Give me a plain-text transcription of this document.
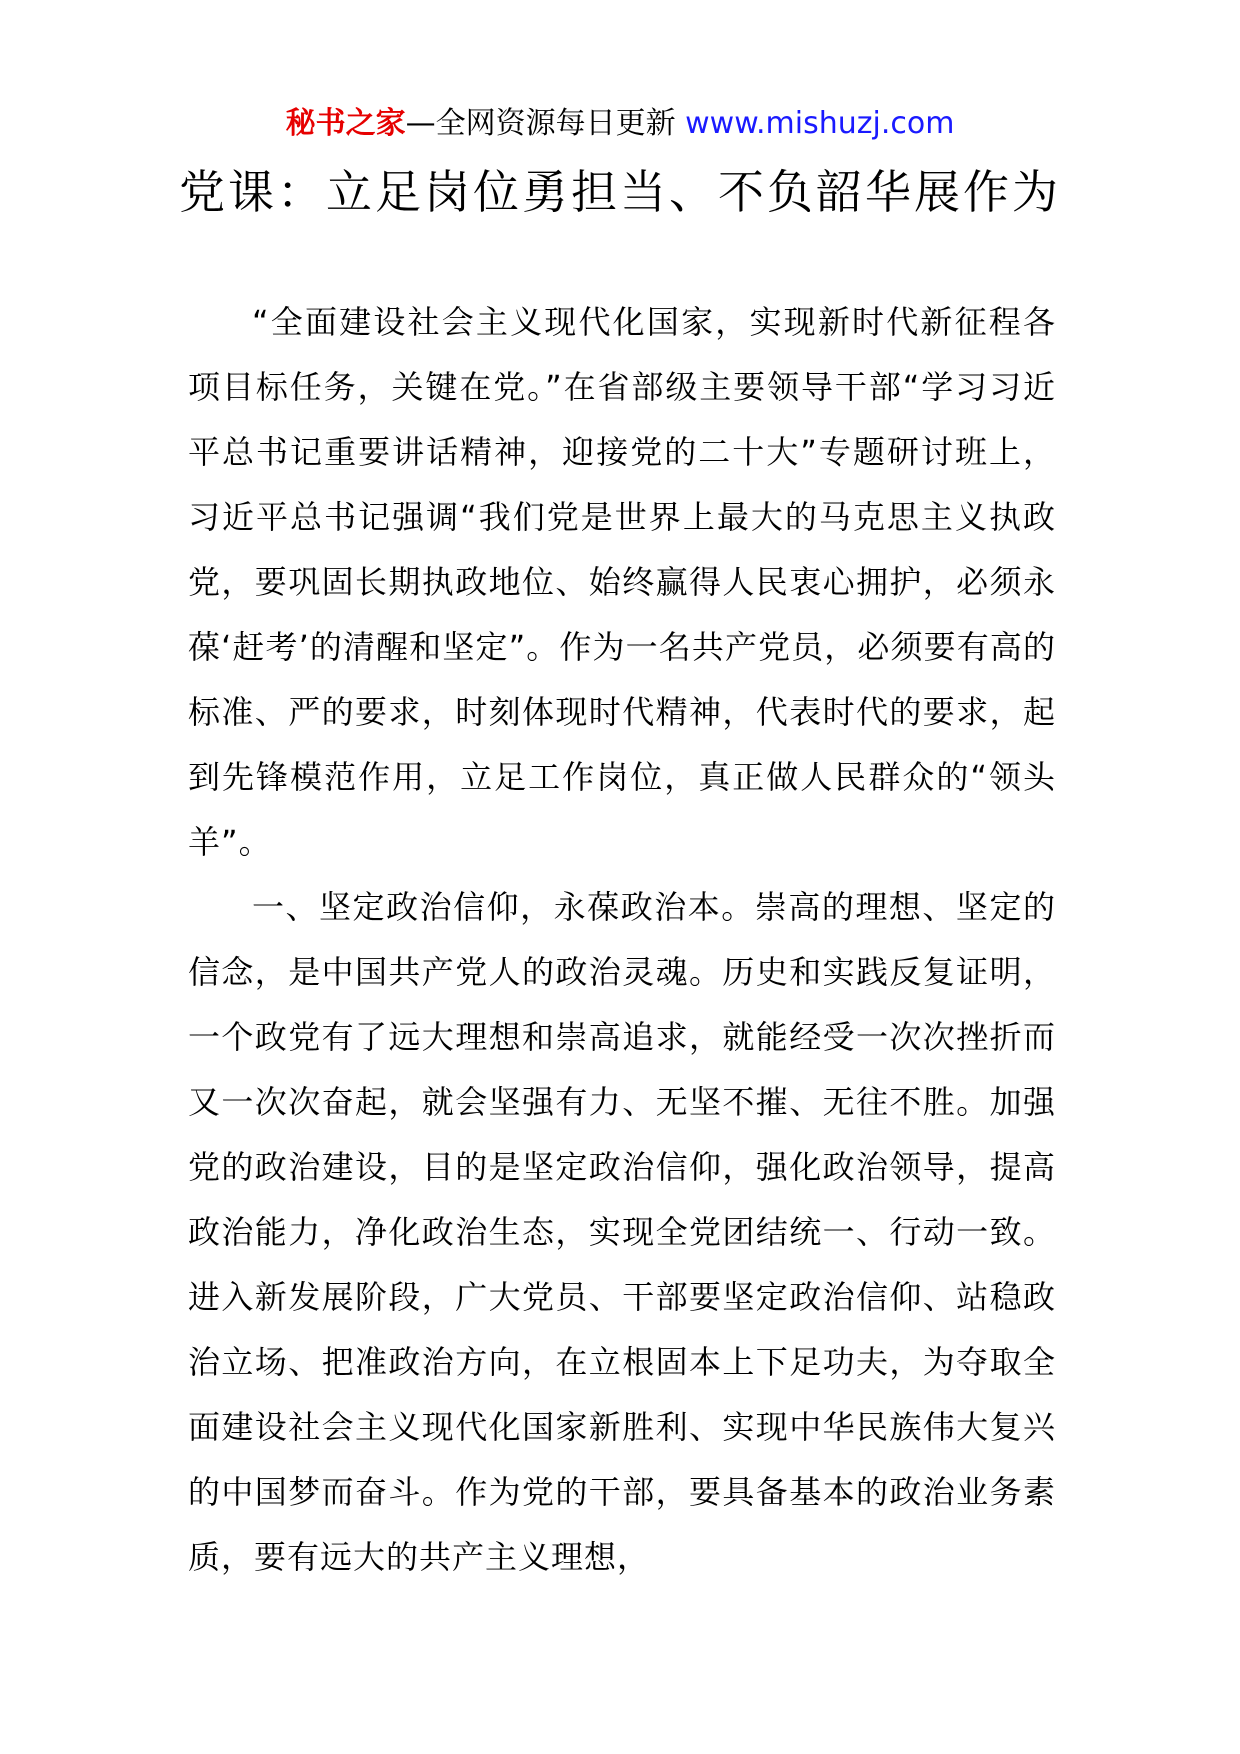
秘书之家—全网资源每日更新 www.mishuzj.com
党课：立足岗位勇担当、不负韶华展作为

“全面建设社会主义现代化国家，实现新时代新征程各项目标任务，关键在党。”在省部级主要领导干部“学习习近平总书记重要讲话精神，迎接党的二十大”专题研讨班上，习近平总书记强调“我们党是世界上最大的马克思主义执政党，要巩固长期执政地位、始终赢得人民衷心拥护，必须永葆‘赶考’的清醒和坚定”。作为一名共产党员，必须要有高的标准、严的要求，时刻体现时代精神，代表时代的要求，起到先锋模范作用，立足工作岗位，真正做人民群众的“领头羊”。

一、坚定政治信仰，永葆政治本。崇高的理想、坚定的信念，是中国共产党人的政治灵魂。历史和实践反复证明，一个政党有了远大理想和崇高追求，就能经受一次次挫折而又一次次奋起，就会坚强有力、无坚不摧、无往不胜。加强党的政治建设，目的是坚定政治信仰，强化政治领导，提高政治能力，净化政治生态，实现全党团结统一、行动一致。进入新发展阶段，广大党员、干部要坚定政治信仰、站稳政治立场、把准政治方向，在立根固本上下足功夫，为夺取全面建设社会主义现代化国家新胜利、实现中华民族伟大复兴的中国梦而奋斗。作为党的干部，要具备基本的政治业务素质，要有远大的共产主义理想，
